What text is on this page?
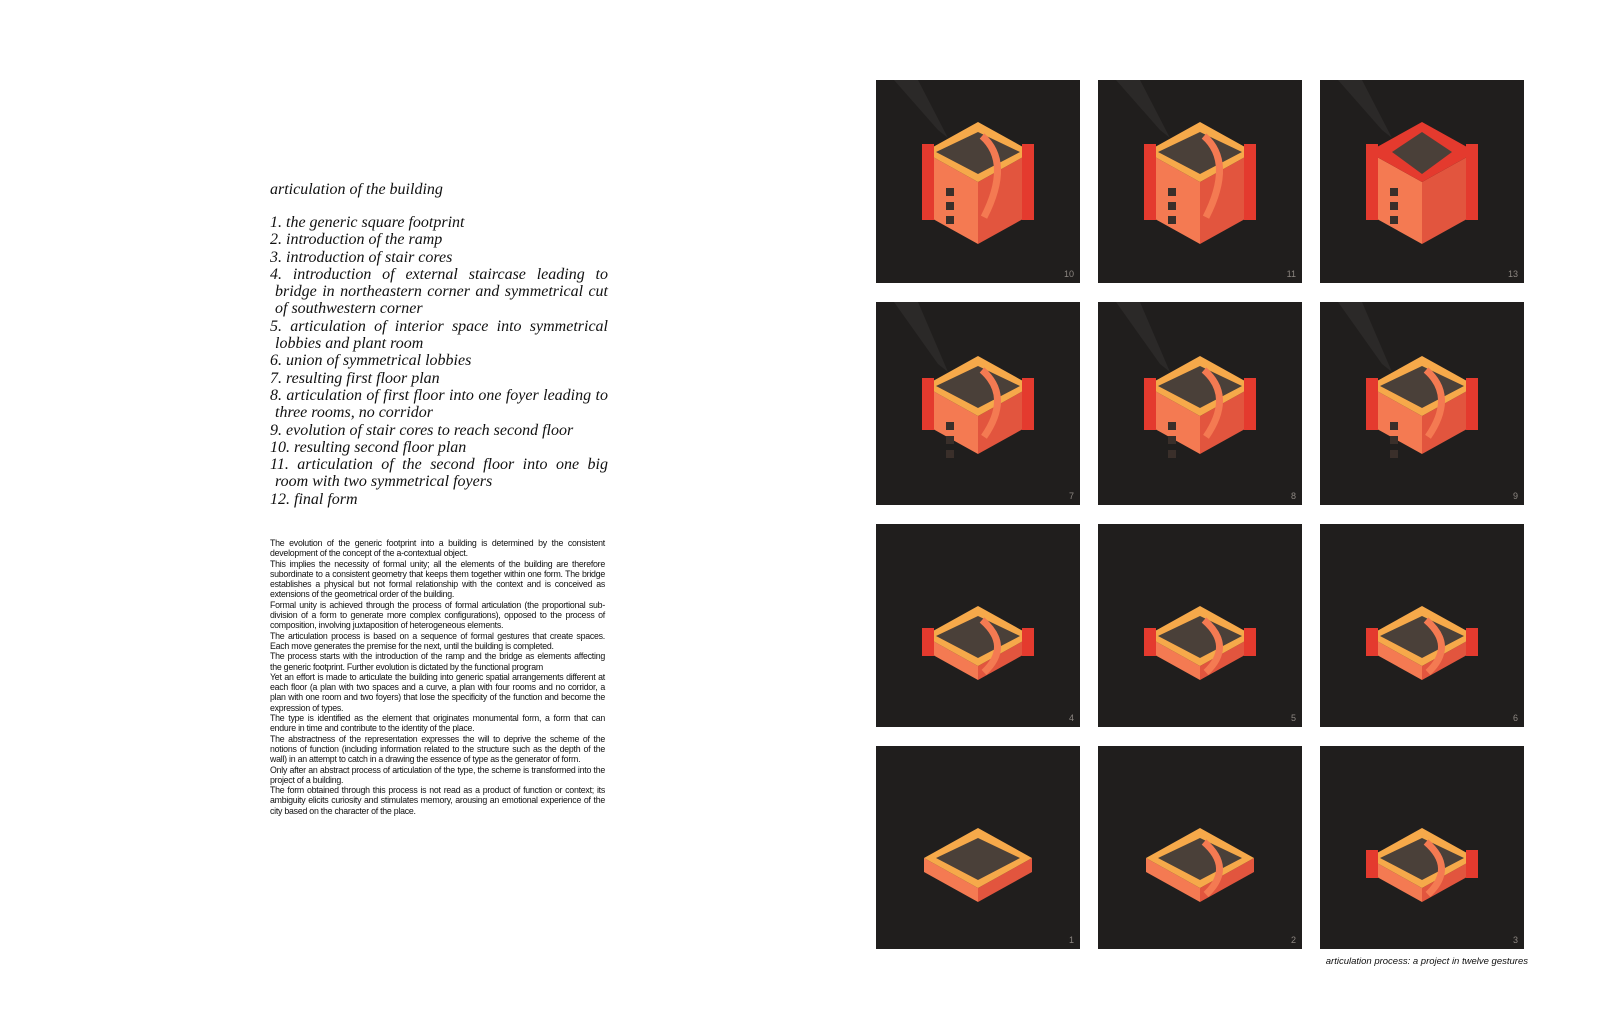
articulation of the building
1. the generic square footprint
2. introduction of the ramp
3. introduction of stair cores
4. introduction of external staircase leading to bridge in northeastern corner and symmetrical cut of southwestern corner
5. articulation of interior space into symmetrical lobbies and plant room
6. union of symmetrical lobbies
7. resulting first floor plan
8. articulation of first floor into one foyer leading to three rooms, no corridor
9. evolution of stair cores to reach second floor
10. resulting second floor plan
11. articulation of the second floor into one big room with two symmetrical foyers
12. final form

The evolution of the generic footprint into a building is determined by the consistent development of the concept of the a-contextual object.

This implies the necessity of formal unity; all the elements of the building are therefore subordinate to a consistent geometry that keeps them together within one form. The bridge establishes a physical but not formal relationship with the context and is conceived as extensions of the geometrical order of the building.

Formal unity is achieved through the process of formal articulation (the proportional sub-division of a form to generate more complex configurations), opposed to the process of composition, involving juxtaposition of heterogeneous elements.

The articulation process is based on a sequence of formal gestures that create spaces. Each move generates the premise for the next, until the building is completed.

The process starts with the introduction of the ramp and the bridge as elements affecting the generic footprint. Further evolution is dictated by the functional program

Yet an effort is made to articulate the building into generic spatial arrangements different at each floor (a plan with two spaces and a curve, a plan with four rooms and no corridor, a plan with one room and two foyers) that lose the specificity of the function and become the expression of types.

The type is identified as the element that originates monumental form, a form that can endure in time and contribute to the identity of the place.

The abstractness of the representation expresses the will to deprive the scheme of the notions of function (including information related to the structure such as the depth of the wall) in an attempt to catch in a drawing the essence of type as the generator of form.

Only after an abstract process of articulation of the type, the scheme is transformed into the project of a building.

The form obtained through this process is not read as a product of function or context; its ambiguity elicits curiosity and stimulates memory, arousing an emotional experience of the city based on the character of the place.

10	11	13
7	8	9
4	5	6
1	2	3
articulation process: a project in twelve gestures
